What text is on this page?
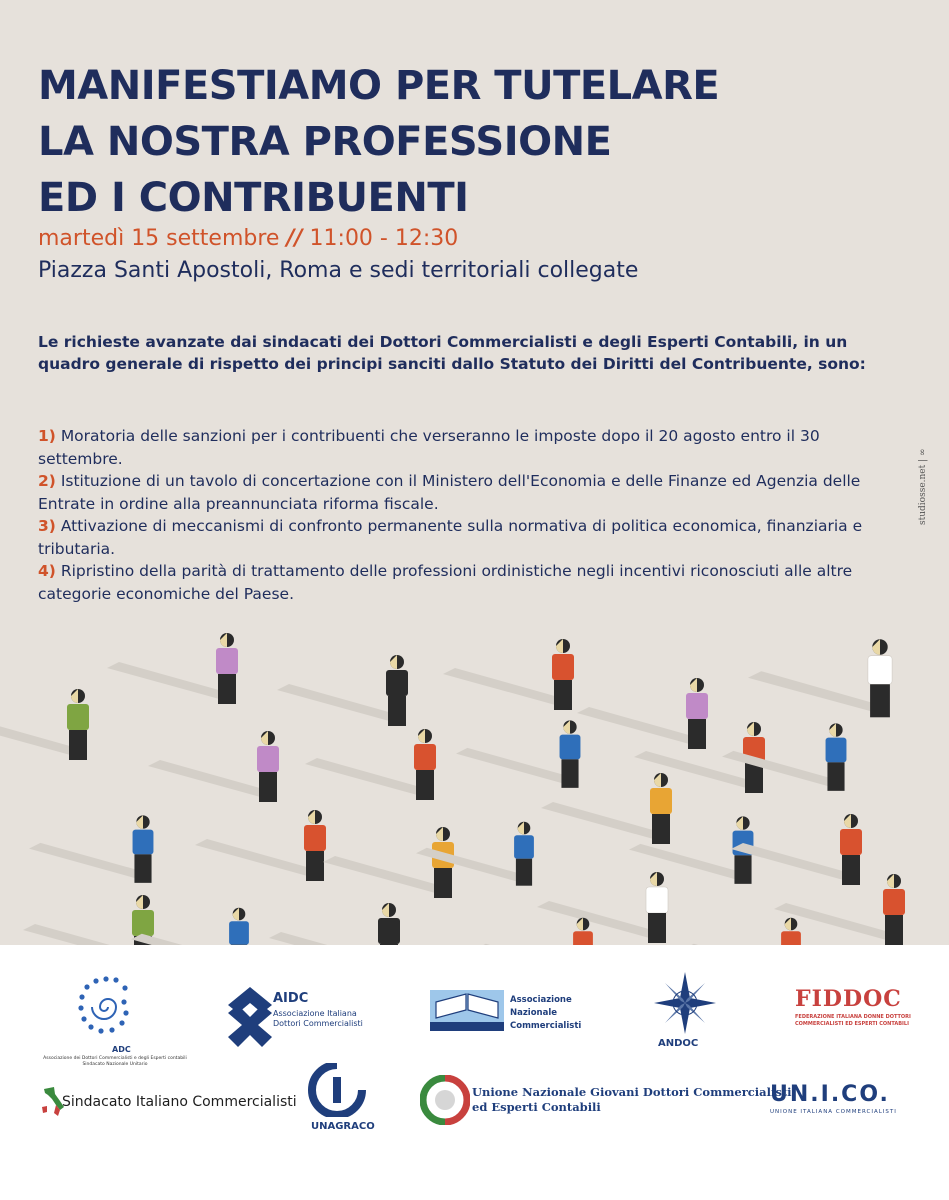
MANIFESTIAMO PER TUTELARE
LA NOSTRA PROFESSIONE
ED I CONTRIBUENTI
martedì 15 settembre // 11:00 - 12:30
Piazza Santi Apostoli, Roma e sedi territoriali collegate
Le richieste avanzate dai sindacati dei Dottori Commercialisti e degli Esperti Contabili, in un quadro generale di rispetto dei principi sanciti dallo Statuto dei Diritti del Contribuente, sono:

1) Moratoria delle sanzioni per i contribuenti che verseranno le imposte dopo il 20 agosto entro il 30 settembre.

2) Istituzione di un tavolo di concertazione con il Ministero dell'Economia e delle Finanze ed Agenzia delle Entrate in ordine alla preannunciata riforma fiscale.

3) Attivazione di meccanismi di confronto permanente sulla normativa di politica economica, finanziaria e tributaria.

4) Ripristino della parità di trattamento delle professioni ordinistiche negli incentivi riconosciuti alle altre categorie economiche del Paese.

studiosse.net | ∞
ADC
Associazione dei Dottori Commercialisti e degli Esperti contabili
Sindacato Nazionale Unitario
AIDC
Associazione Italiana
Dottori Commercialisti
Associazione
Nazionale
Commercialisti
ANDOC
FIDDOC
FEDERAZIONE ITALIANA DONNE DOTTORI
COMMERCIALISTI ED ESPERTI CONTABILI
Sindacato Italiano Commercialisti
UNAGRACO
Unione Nazionale Giovani Dottori Commercialisti
ed Esperti Contabili	UN.I.CO.
UNIONE ITALIANA COMMERCIALISTI
